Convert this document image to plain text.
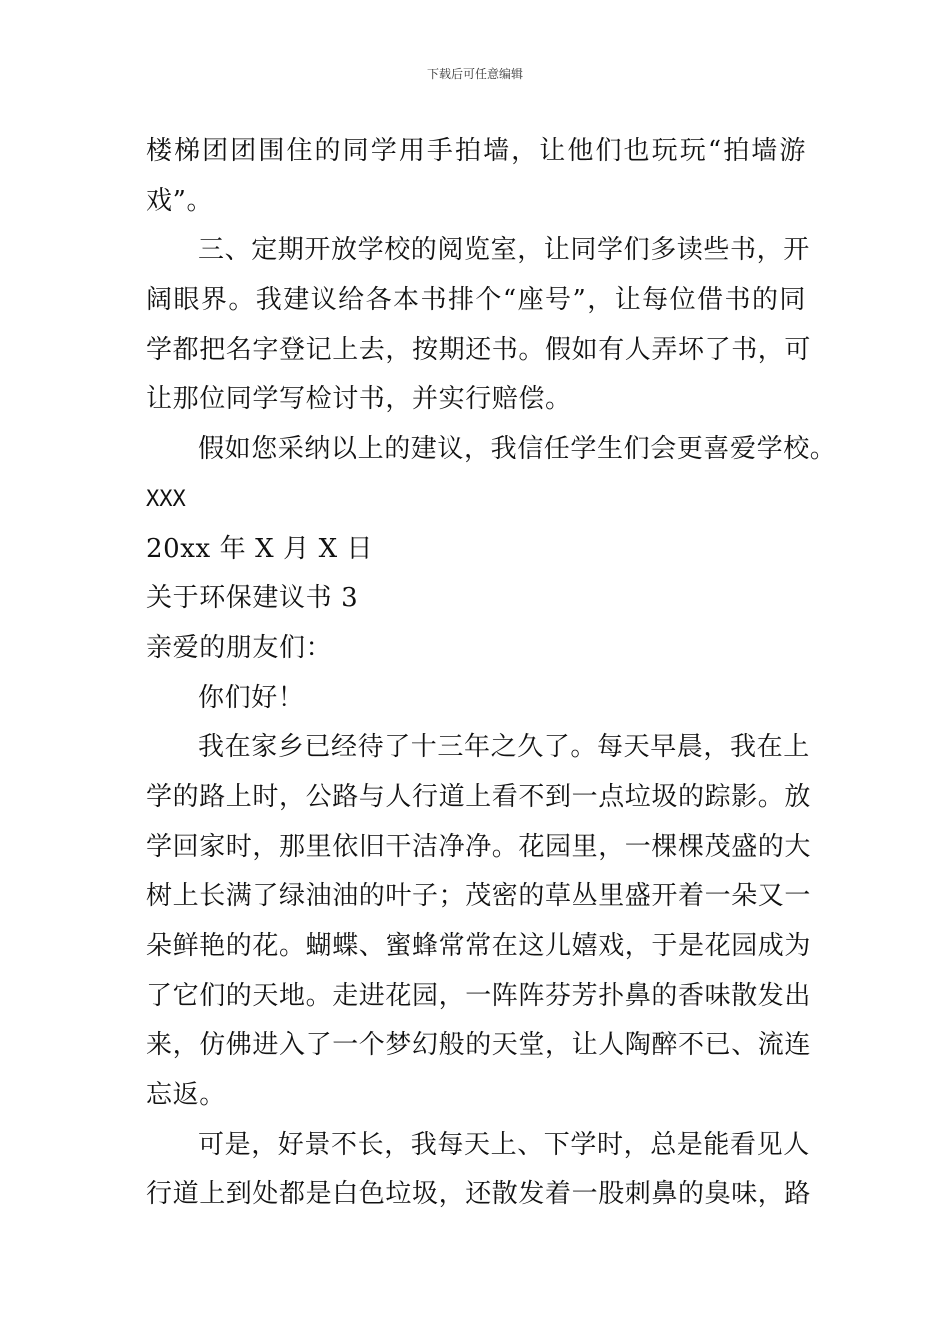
下载后可任意编辑
楼梯团团围住的同学用手拍墙，让他们也玩玩“拍墙游
戏”。
三、定期开放学校的阅览室，让同学们多读些书，开
阔眼界。我建议给各本书排个“座号”，让每位借书的同
学都把名字登记上去，按期还书。假如有人弄坏了书，可
让那位同学写检讨书，并实行赔偿。
假如您采纳以上的建议，我信任学生们会更喜爱学校。
XXX
20xx 年 X 月 X 日
关于环保建议书 3
亲爱的朋友们：
你们好！
我在家乡已经待了十三年之久了。每天早晨，我在上
学的路上时，公路与人行道上看不到一点垃圾的踪影。放
学回家时，那里依旧干洁净净。花园里，一棵棵茂盛的大
树上长满了绿油油的叶子；茂密的草丛里盛开着一朵又一
朵鲜艳的花。蝴蝶、蜜蜂常常在这儿嬉戏，于是花园成为
了它们的天地。走进花园，一阵阵芬芳扑鼻的香味散发出
来，仿佛进入了一个梦幻般的天堂，让人陶醉不已、流连
忘返。
可是，好景不长，我每天上、下学时，总是能看见人
行道上到处都是白色垃圾，还散发着一股刺鼻的臭味，路
